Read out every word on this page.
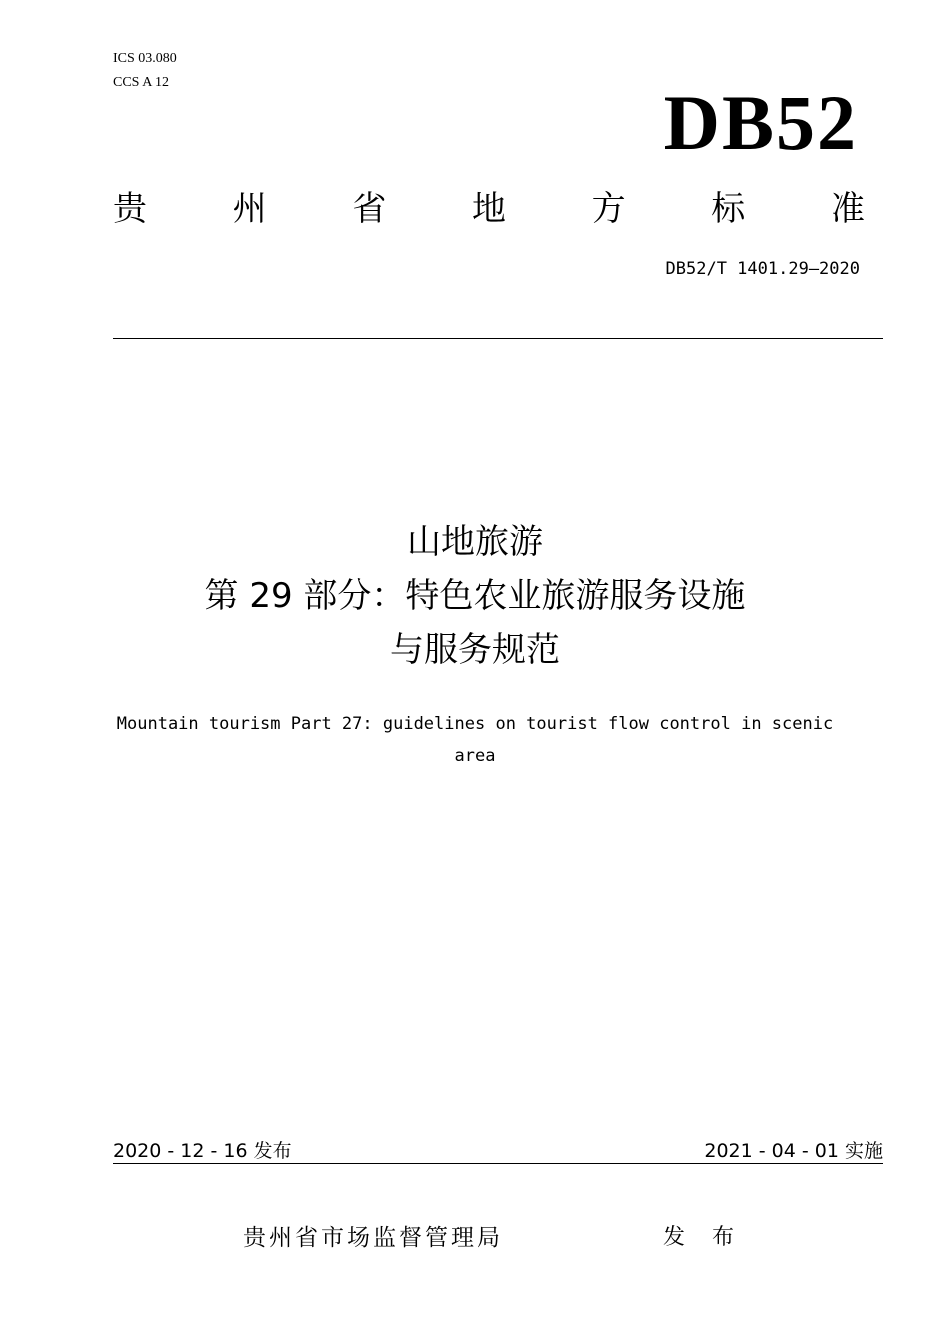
ICS 03.080
CCS A 12	DB52
贵	州	省	地	方	标	准
DB52/T 1401.29—2020
山地旅游
第 29 部分：特色农业旅游服务设施
与服务规范
Mountain tourism Part 27: guidelines on tourist flow control in scenic
area
2020 - 12 - 16 发布	2021 - 04 - 01 实施
贵州省市场监督管理局	发 布
